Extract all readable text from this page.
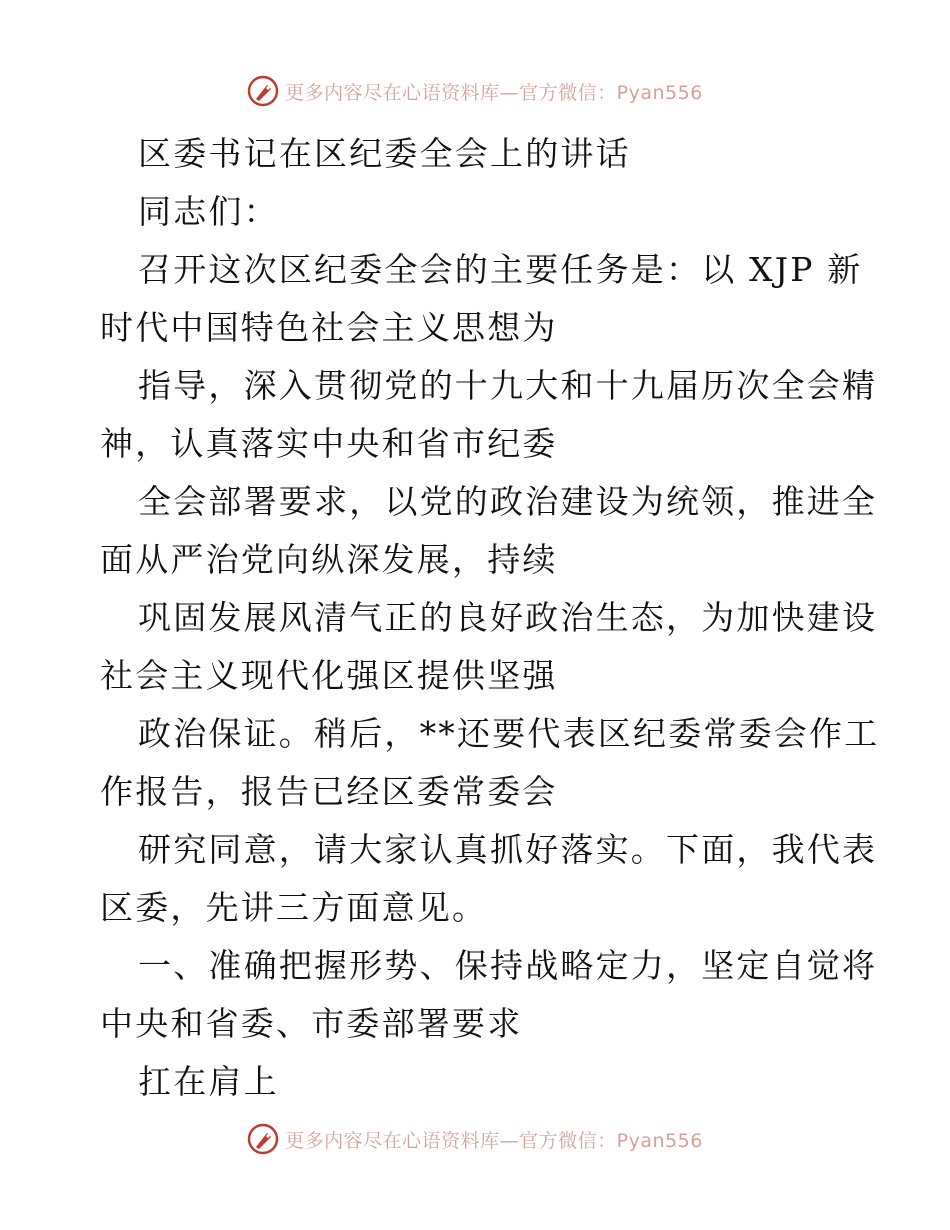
更多内容尽在心语资料库—官方微信：Pyan556
区委书记在区纪委全会上的讲话
同志们：
召开这次区纪委全会的主要任务是：以 XJP 新
时代中国特色社会主义思想为
指导，深入贯彻党的十九大和十九届历次全会精
神，认真落实中央和省市纪委
全会部署要求，以党的政治建设为统领，推进全
面从严治党向纵深发展，持续
巩固发展风清气正的良好政治生态，为加快建设
社会主义现代化强区提供坚强
政治保证。稍后，**还要代表区纪委常委会作工
作报告，报告已经区委常委会
研究同意，请大家认真抓好落实。下面，我代表
区委，先讲三方面意见。
一、准确把握形势、保持战略定力，坚定自觉将
中央和省委、市委部署要求
扛在肩上
更多内容尽在心语资料库—官方微信：Pyan556
